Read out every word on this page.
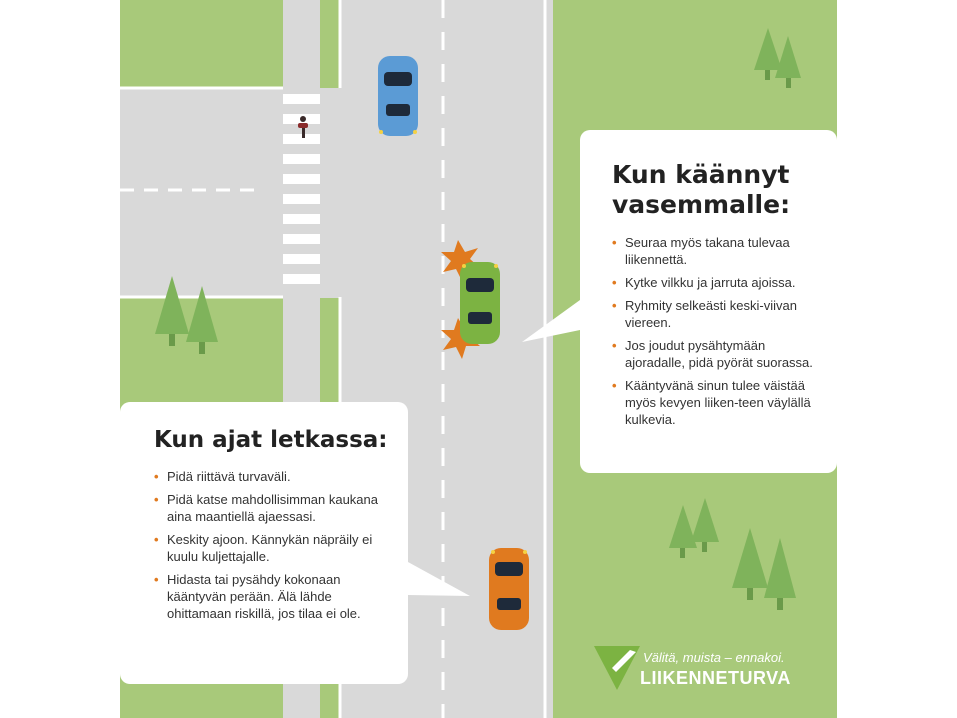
Kun käännyt
vasemmalle:
• Seuraa myös takana tulevaa liikennettä.
• Kytke vilkku ja jarruta ajoissa.
• Ryhmity selkeästi keski-viivan viereen.
• Jos joudut pysähtymään ajoradalle, pidä pyörät suorassa.
• Kääntyvänä sinun tulee väistää myös kevyen liiken-teen väylällä kulkevia.
Kun ajat letkassa:
• Pidä riittävä turvaväli.
• Pidä katse mahdollisimman kaukana aina maantiellä ajaessasi.
• Keskity ajoon. Kännykän näpräily ei kuulu kuljettajalle.
• Hidasta tai pysähdy kokonaan kääntyvän perään. Älä lähde ohittamaan riskillä, jos tilaa ei ole.
Välitä, muista – ennakoi.
LIIKENNETURVA
